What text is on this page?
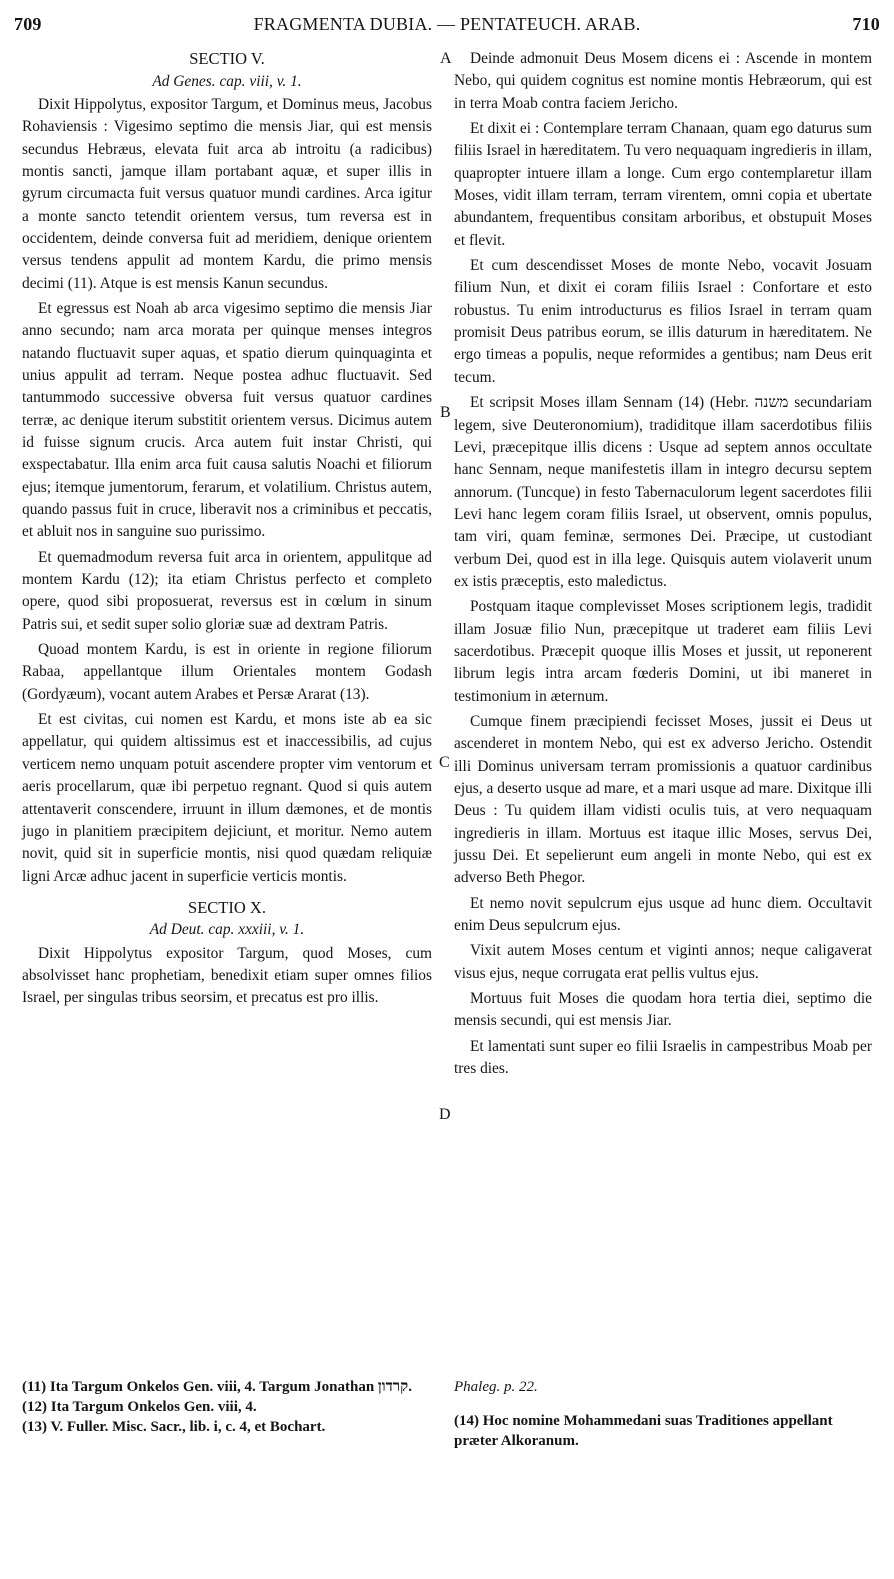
709	FRAGMENTA DUBIA. — PENTATEUCH. ARAB.	710
A
B
C
D
SECTIO V.
Ad Genes. cap. viii, v. 1.

Dixit Hippolytus, expositor Targum, et Dominus meus, Jacobus Rohaviensis : Vigesimo septimo die mensis Jiar, qui est mensis secundus Hebræus, elevata fuit arca ab introitu (a radicibus) montis sancti, jamque illam portabant aquæ, et super illis in gyrum circumacta fuit versus quatuor mundi cardines. Arca igitur a monte sancto tetendit orientem versus, tum reversa est in occidentem, deinde conversa fuit ad meridiem, denique orientem versus tendens appulit ad montem Kardu, die primo mensis decimi (11). Atque is est mensis Kanun secundus.

Et egressus est Noah ab arca vigesimo septimo die mensis Jiar anno secundo; nam arca morata per quinque menses integros natando fluctuavit super aquas, et spatio dierum quinquaginta et unius appulit ad terram. Neque postea adhuc fluctuavit. Sed tantummodo successive obversa fuit versus quatuor cardines terræ, ac denique iterum substitit orientem versus. Dicimus autem id fuisse signum crucis. Arca autem fuit instar Christi, qui exspectabatur. Illa enim arca fuit causa salutis Noachi et filiorum ejus; itemque jumentorum, ferarum, et volatilium. Christus autem, quando passus fuit in cruce, liberavit nos a criminibus et peccatis, et abluit nos in sanguine suo purissimo.

Et quemadmodum reversa fuit arca in orientem, appulitque ad montem Kardu (12); ita etiam Christus perfecto et completo opere, quod sibi proposuerat, reversus est in cœlum in sinum Patris sui, et sedit super solio gloriæ suæ ad dextram Patris.

Quoad montem Kardu, is est in oriente in regione filiorum Rabaa, appellantque illum Orientales montem Godash (Gordyæum), vocant autem Arabes et Persæ Ararat (13).

Et est civitas, cui nomen est Kardu, et mons iste ab ea sic appellatur, qui quidem altissimus est et inaccessibilis, ad cujus verticem nemo unquam potuit ascendere propter vim ventorum et aeris procellarum, quæ ibi perpetuo regnant. Quod si quis autem attentaverit conscendere, irruunt in illum dæmones, et de montis jugo in planitiem præcipitem dejiciunt, et moritur. Nemo autem novit, quid sit in superficie montis, nisi quod quædam reliquiæ ligni Arcæ adhuc jacent in superficie verticis montis.

SECTIO X.
Ad Deut. cap. xxxiii, v. 1.

Dixit Hippolytus expositor Targum, quod Moses, cum absolvisset hanc prophetiam, benedixit etiam super omnes filios Israel, per singulas tribus seorsim, et precatus est pro illis.

Deinde admonuit Deus Mosem dicens ei : Ascende in montem Nebo, qui quidem cognitus est nomine montis Hebræorum, qui est in terra Moab contra faciem Jericho.

Et dixit ei : Contemplare terram Chanaan, quam ego daturus sum filiis Israel in hæreditatem. Tu vero nequaquam ingredieris in illam, quapropter intuere illam a longe. Cum ergo contemplaretur illam Moses, vidit illam terram, terram virentem, omni copia et ubertate abundantem, frequentibus consitam arboribus, et obstupuit Moses et flevit.

Et cum descendisset Moses de monte Nebo, vocavit Josuam filium Nun, et dixit ei coram filiis Israel : Confortare et esto robustus. Tu enim introducturus es filios Israel in terram quam promisit Deus patribus eorum, se illis daturum in hæreditatem. Ne ergo timeas a populis, neque reformides a gentibus; nam Deus erit tecum.

Et scripsit Moses illam Sennam (14) (Hebr. משנה secundariam legem, sive Deuteronomium), tradiditque illam sacerdotibus filiis Levi, præcepitque illis dicens : Usque ad septem annos occultate hanc Sennam, neque manifestetis illam in integro decursu septem annorum. (Tuncque) in festo Tabernaculorum legent sacerdotes filii Levi hanc legem coram filiis Israel, ut observent, omnis populus, tam viri, quam feminæ, sermones Dei. Præcipe, ut custodiant verbum Dei, quod est in illa lege. Quisquis autem violaverit unum ex istis præceptis, esto maledictus.

Postquam itaque complevisset Moses scriptionem legis, tradidit illam Josuæ filio Nun, præcepitque ut traderet eam filiis Levi sacerdotibus. Præcepit quoque illis Moses et jussit, ut reponerent librum legis intra arcam fœderis Domini, ut ibi maneret in testimonium in æternum.

Cumque finem præcipiendi fecisset Moses, jussit ei Deus ut ascenderet in montem Nebo, qui est ex adverso Jericho. Ostendit illi Dominus universam terram promissionis a quatuor cardinibus ejus, a deserto usque ad mare, et a mari usque ad mare. Dixitque illi Deus : Tu quidem illam vidisti oculis tuis, at vero nequaquam ingredieris in illam. Mortuus est itaque illic Moses, servus Dei, jussu Dei. Et sepelierunt eum angeli in monte Nebo, qui est ex adverso Beth Phegor.

Et nemo novit sepulcrum ejus usque ad hunc diem. Occultavit enim Deus sepulcrum ejus.

Vixit autem Moses centum et viginti annos; neque caligaverat visus ejus, neque corrugata erat pellis vultus ejus.

Mortuus fuit Moses die quodam hora tertia diei, septimo die mensis secundi, qui est mensis Jiar.

Et lamentati sunt super eo filii Israelis in campestribus Moab per tres dies.

(11) Ita Targum Onkelos Gen. viii, 4. Targum Jonathan קרדון.
(12) Ita Targum Onkelos Gen. viii, 4.
(13) V. Fuller. Misc. Sacr., lib. i, c. 4, et Bochart.
Phaleg. p. 22.
(14) Hoc nomine Mohammedani suas Traditiones appellant præter Alkoranum.
